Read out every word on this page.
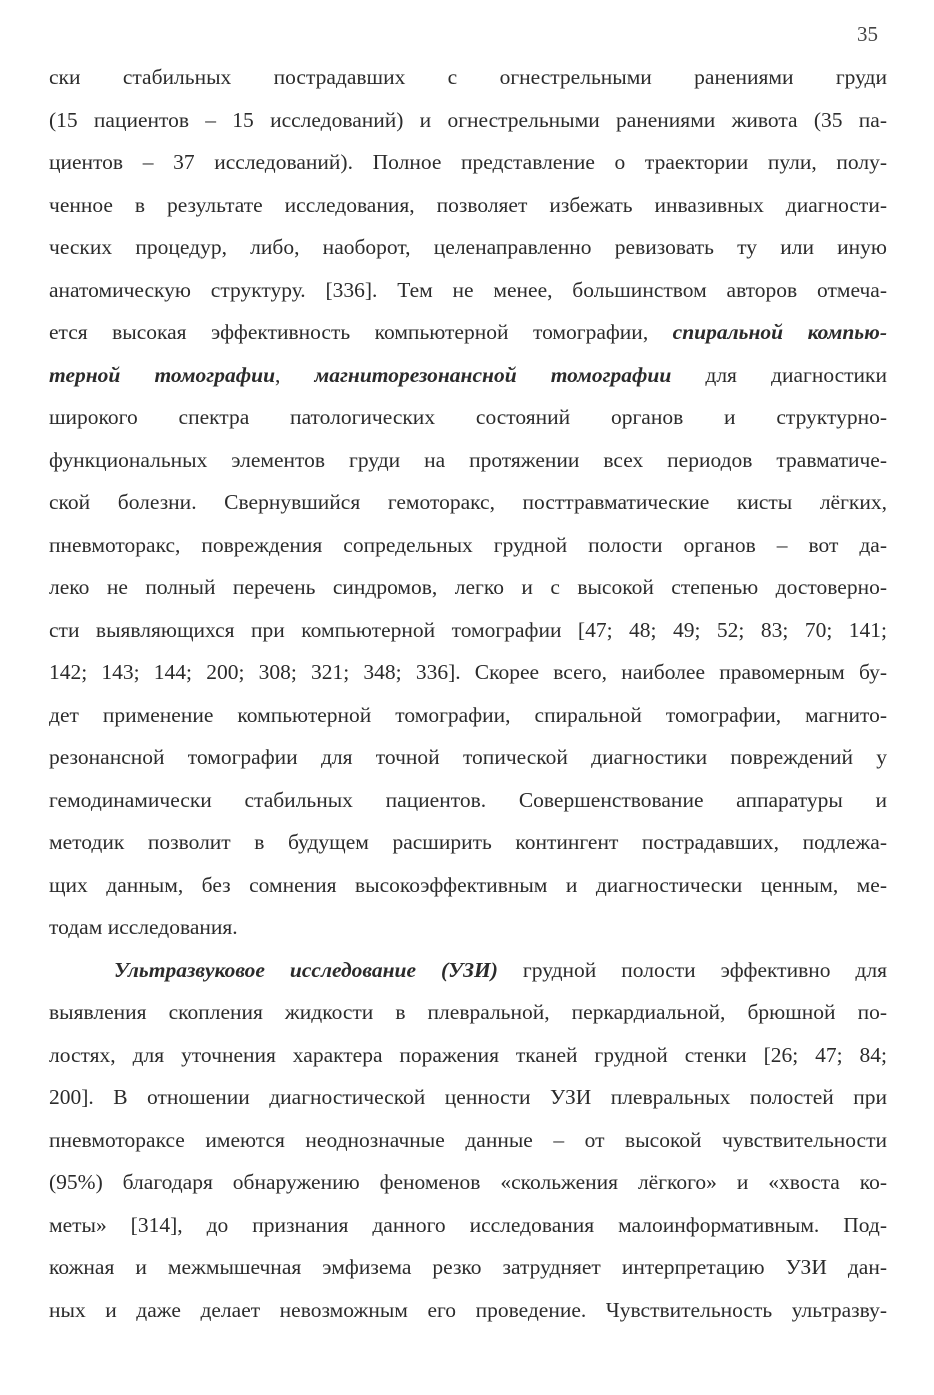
35
ски стабильных пострадавших с огнестрельными ранениями груди
(15 пациентов – 15 исследований) и огнестрельными ранениями живота (35 па-
циентов – 37 исследований). Полное представление о траектории пули, полу-
ченное в результате исследования, позволяет избежать инвазивных диагности-
ческих процедур, либо, наоборот, целенаправленно ревизовать ту или иную
анатомическую структуру. [336]. Тем не менее, большинством авторов отмеча-
ется высокая эффективность компьютерной томографии, спиральной компью-
терной томографии, магниторезонансной томографии для диагностики
широкого спектра патологических состояний органов и структурно-
функциональных элементов груди на протяжении всех периодов травматиче-
ской болезни. Свернувшийся гемоторакс, посттравматические кисты лёгких,
пневмоторакс, повреждения сопредельных грудной полости органов – вот да-
леко не полный перечень синдромов, легко и с высокой степенью достоверно-
сти выявляющихся при компьютерной томографии [47; 48; 49; 52; 83; 70; 141;
142; 143; 144; 200; 308; 321; 348; 336]. Скорее всего, наиболее правомерным бу-
дет применение компьютерной томографии, спиральной томографии, магнито-
резонансной томографии для точной топической диагностики повреждений у
гемодинамически стабильных пациентов. Совершенствование аппаратуры и
методик позволит в будущем расширить контингент пострадавших, подлежа-
щих данным, без сомнения высокоэффективным и диагностически ценным, ме-
тодам исследования.
Ультразвуковое исследование (УЗИ) грудной полости эффективно для
выявления скопления жидкости в плевральной, перкардиальной, брюшной по-
лостях, для уточнения характера поражения тканей грудной стенки [26; 47; 84;
200]. В отношении диагностической ценности УЗИ плевральных полостей при
пневмотораксе имеются неоднозначные данные – от высокой чувствительности
(95%) благодаря обнаружению феноменов «скольжения лёгкого» и «хвоста ко-
меты» [314], до признания данного исследования малоинформативным. Под-
кожная и межмышечная эмфизема резко затрудняет интерпретацию УЗИ дан-
ных и даже делает невозможным его проведение. Чувствительность ультразву-
